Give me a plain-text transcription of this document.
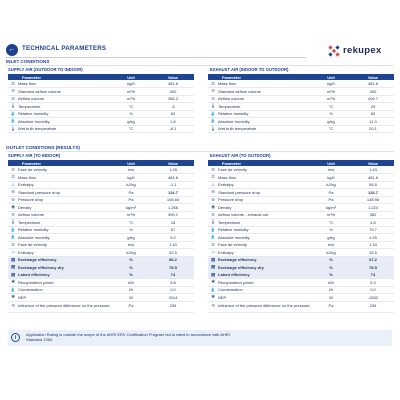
←	TECHNICAL PARAMETERS	rekupex
INLET CONDITIONS
SUPPLY AIR (OUTDOOR TO INDOOR)	EXHAUST AIR (INDOOR TO OUTDOOR)
Parameter		Unit	Value
⚖	Mass flow	kg/h	481.6
≋	Standard airflow volume	m³/h	400
≋	Airflow volume	m³/h	366.2
🌡	Temperature	°C	-5
💧	Relative humidity	%	60
💧	Absolute humidity	g/kg	1.6
🌡	Wet bulb temperature	°C	-6.1
Parameter		Unit	Value
⚖	Mass flow	kg/h	481.6
≋	Standard airflow volume	m³/h	400
≋	Airflow volume	m³/h	409.7
🌡	Temperature	°C	25
💧	Relative humidity	%	60
💧	Absolute humidity	g/kg	11.9
🌡	Wet bulb temperature	°C	20.1
OUTLET CONDITIONS (RESULTS)
SUPPLY AIR (TO INDOOR)	EXHAUST AIR (TO OUTDOOR)
Parameter		Unit	Value
≋	Face air velocity	m/s	1.28
⚖	Mass flow	kg/h	481.6
♨	Enthalpy	kJ/kg	-1.1
⊖	Standard pressure drop	Pa	124.7
⊖	Pressure drop	Pa	108.64
◉	Density	kg/m³	1.266
≋	Airflow volume	m³/h	399.1
🌡	Temperature	°C	18
💧	Relative humidity	%	67
💧	Absolute humidity	g/kg	9.2
≋	Face air velocity	m/s	1.40
♨	Enthalpy	kJ/kg	42.5
▤	Exchange efficiency	%	80.2
▤	Exchange efficiency dry	%	76.5
▤	Latent efficiency	%	74
✱	Recuperation power	kW	5.8
💧	Condensation	l/h	0.0
✱	NEP	W	3114
⟲	Influence of the pressure difference on the pressure	Pa	235
Parameter		Unit	Value
≋	Face air velocity	m/s	1.43
⚖	Mass flow	kg/h	481.6
♨	Enthalpy	kJ/kg	55.5
⊖	Standard pressure drop	Pa	133.7
⊖	Pressure drop	Pa	138.96
◉	Density	kg/m³	1.224
≋	Airflow volume - exhaust out	m³/h	382
🌡	Temperature	°C	4.8
💧	Relative humidity	%	79.7
💧	Absolute humidity	g/kg	4.25
≋	Face air velocity	m/s	1.34
♨	Enthalpy	kJ/kg	15.5
▤	Exchange efficiency	%	67.2
▤	Exchange efficiency dry	%	76.5
▤	Latent efficiency	%	74
✱	Recuperation power	kW	5.3
💧	Condensation	l/h	0.0
✱	NEP	W	-2832
⟲	Influence of the pressure difference on the pressure	Pa	235
i
Application Rating is outside the scope of the AHRI ERV Certification Program but is rated in accordance with AHRI Standard 1060.
